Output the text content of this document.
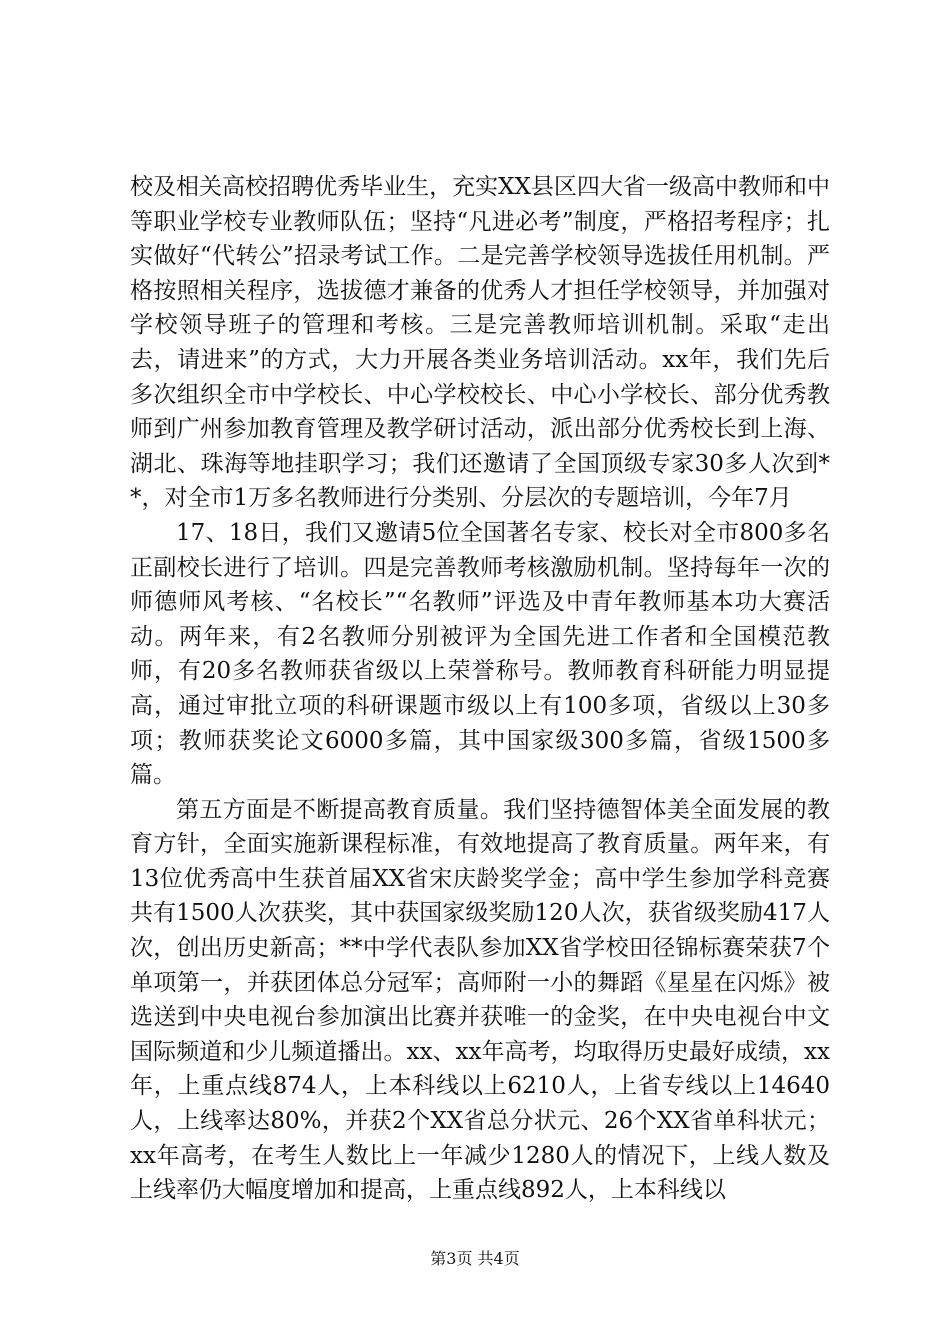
校及相关高校招聘优秀毕业生，充实XX县区四大省一级高中教师和中等职业学校专业教师队伍；坚持“凡进必考”制度，严格招考程序；扎实做好“代转公”招录考试工作。二是完善学校领导选拔任用机制。严格按照相关程序，选拔德才兼备的优秀人才担任学校领导，并加强对学校领导班子的管理和考核。三是完善教师培训机制。采取“走出去，请进来”的方式，大力开展各类业务培训活动。xx年，我们先后多次组织全市中学校长、中心学校校长、中心小学校长、部分优秀教师到广州参加教育管理及教学研讨活动，派出部分优秀校长到上海、湖北、珠海等地挂职学习；我们还邀请了全国顶级专家30多人次到**，对全市1万多名教师进行分类别、分层次的专题培训，今年7月

17、18日，我们又邀请5位全国著名专家、校长对全市800多名正副校长进行了培训。四是完善教师考核激励机制。坚持每年一次的师德师风考核、“名校长”“名教师”评选及中青年教师基本功大赛活动。两年来，有2名教师分别被评为全国先进工作者和全国模范教师，有20多名教师获省级以上荣誉称号。教师教育科研能力明显提高，通过审批立项的科研课题市级以上有100多项，省级以上30多项；教师获奖论文6000多篇，其中国家级300多篇，省级1500多篇。

第五方面是不断提高教育质量。我们坚持德智体美全面发展的教育方针，全面实施新课程标准，有效地提高了教育质量。两年来，有13位优秀高中生获首届XX省宋庆龄奖学金；高中学生参加学科竞赛共有1500人次获奖，其中获国家级奖励120人次，获省级奖励417人次，创出历史新高；**中学代表队参加XX省学校田径锦标赛荣获7个单项第一，并获团体总分冠军；高师附一小的舞蹈《星星在闪烁》被选送到中央电视台参加演出比赛并获唯一的金奖，在中央电视台中文国际频道和少儿频道播出。xx、xx年高考，均取得历史最好成绩，xx年，上重点线874人，上本科线以上6210人，上省专线以上14640人，上线率达80%，并获2个XX省总分状元、26个XX省单科状元；xx年高考，在考生人数比上一年减少1280人的情况下，上线人数及上线率仍大幅度增加和提高，上重点线892人，上本科线以

第3页 共4页
